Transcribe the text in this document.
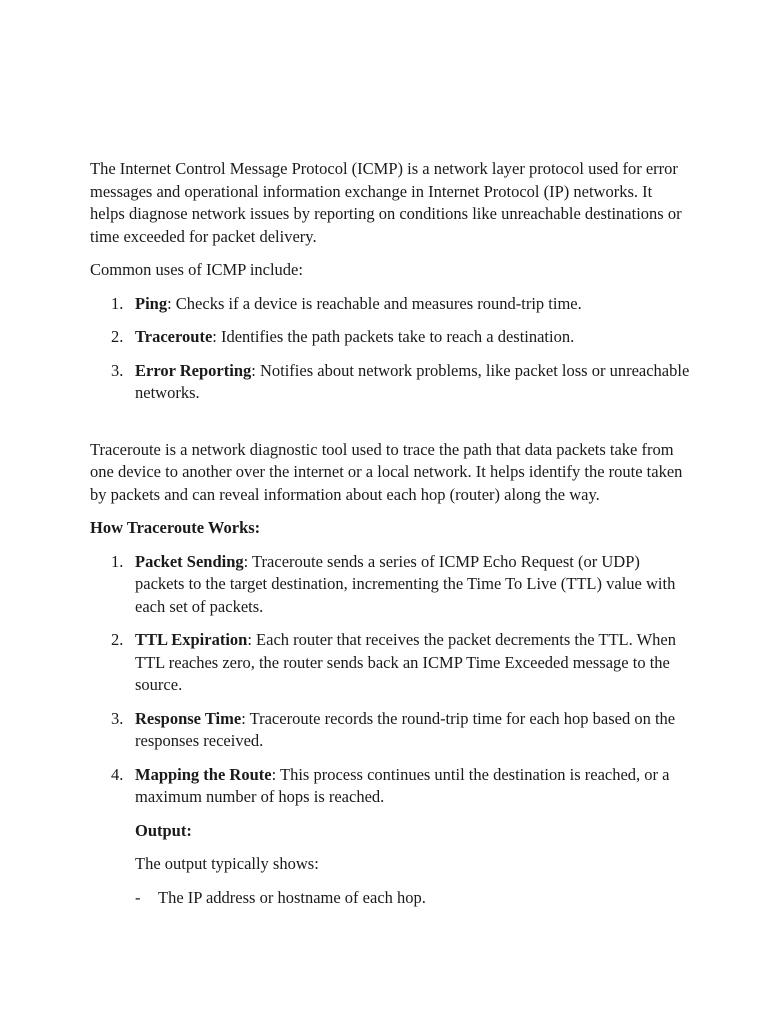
The Internet Control Message Protocol (ICMP) is a network layer protocol used for error messages and operational information exchange in Internet Protocol (IP) networks. It helps diagnose network issues by reporting on conditions like unreachable destinations or time exceeded for packet delivery.

Common uses of ICMP include:

1. Ping: Checks if a device is reachable and measures round-trip time.
2. Traceroute: Identifies the path packets take to reach a destination.
3. Error Reporting: Notifies about network problems, like packet loss or unreachable networks.

Traceroute is a network diagnostic tool used to trace the path that data packets take from one device to another over the internet or a local network. It helps identify the route taken by packets and can reveal information about each hop (router) along the way.

How Traceroute Works:

1. Packet Sending: Traceroute sends a series of ICMP Echo Request (or UDP) packets to the target destination, incrementing the Time To Live (TTL) value with each set of packets.
2. TTL Expiration: Each router that receives the packet decrements the TTL. When TTL reaches zero, the router sends back an ICMP Time Exceeded message to the source.
3. Response Time: Traceroute records the round-trip time for each hop based on the responses received.
4. Mapping the Route: This process continues until the destination is reached, or a maximum number of hops is reached.

Output:

The output typically shows:

- The IP address or hostname of each hop.
